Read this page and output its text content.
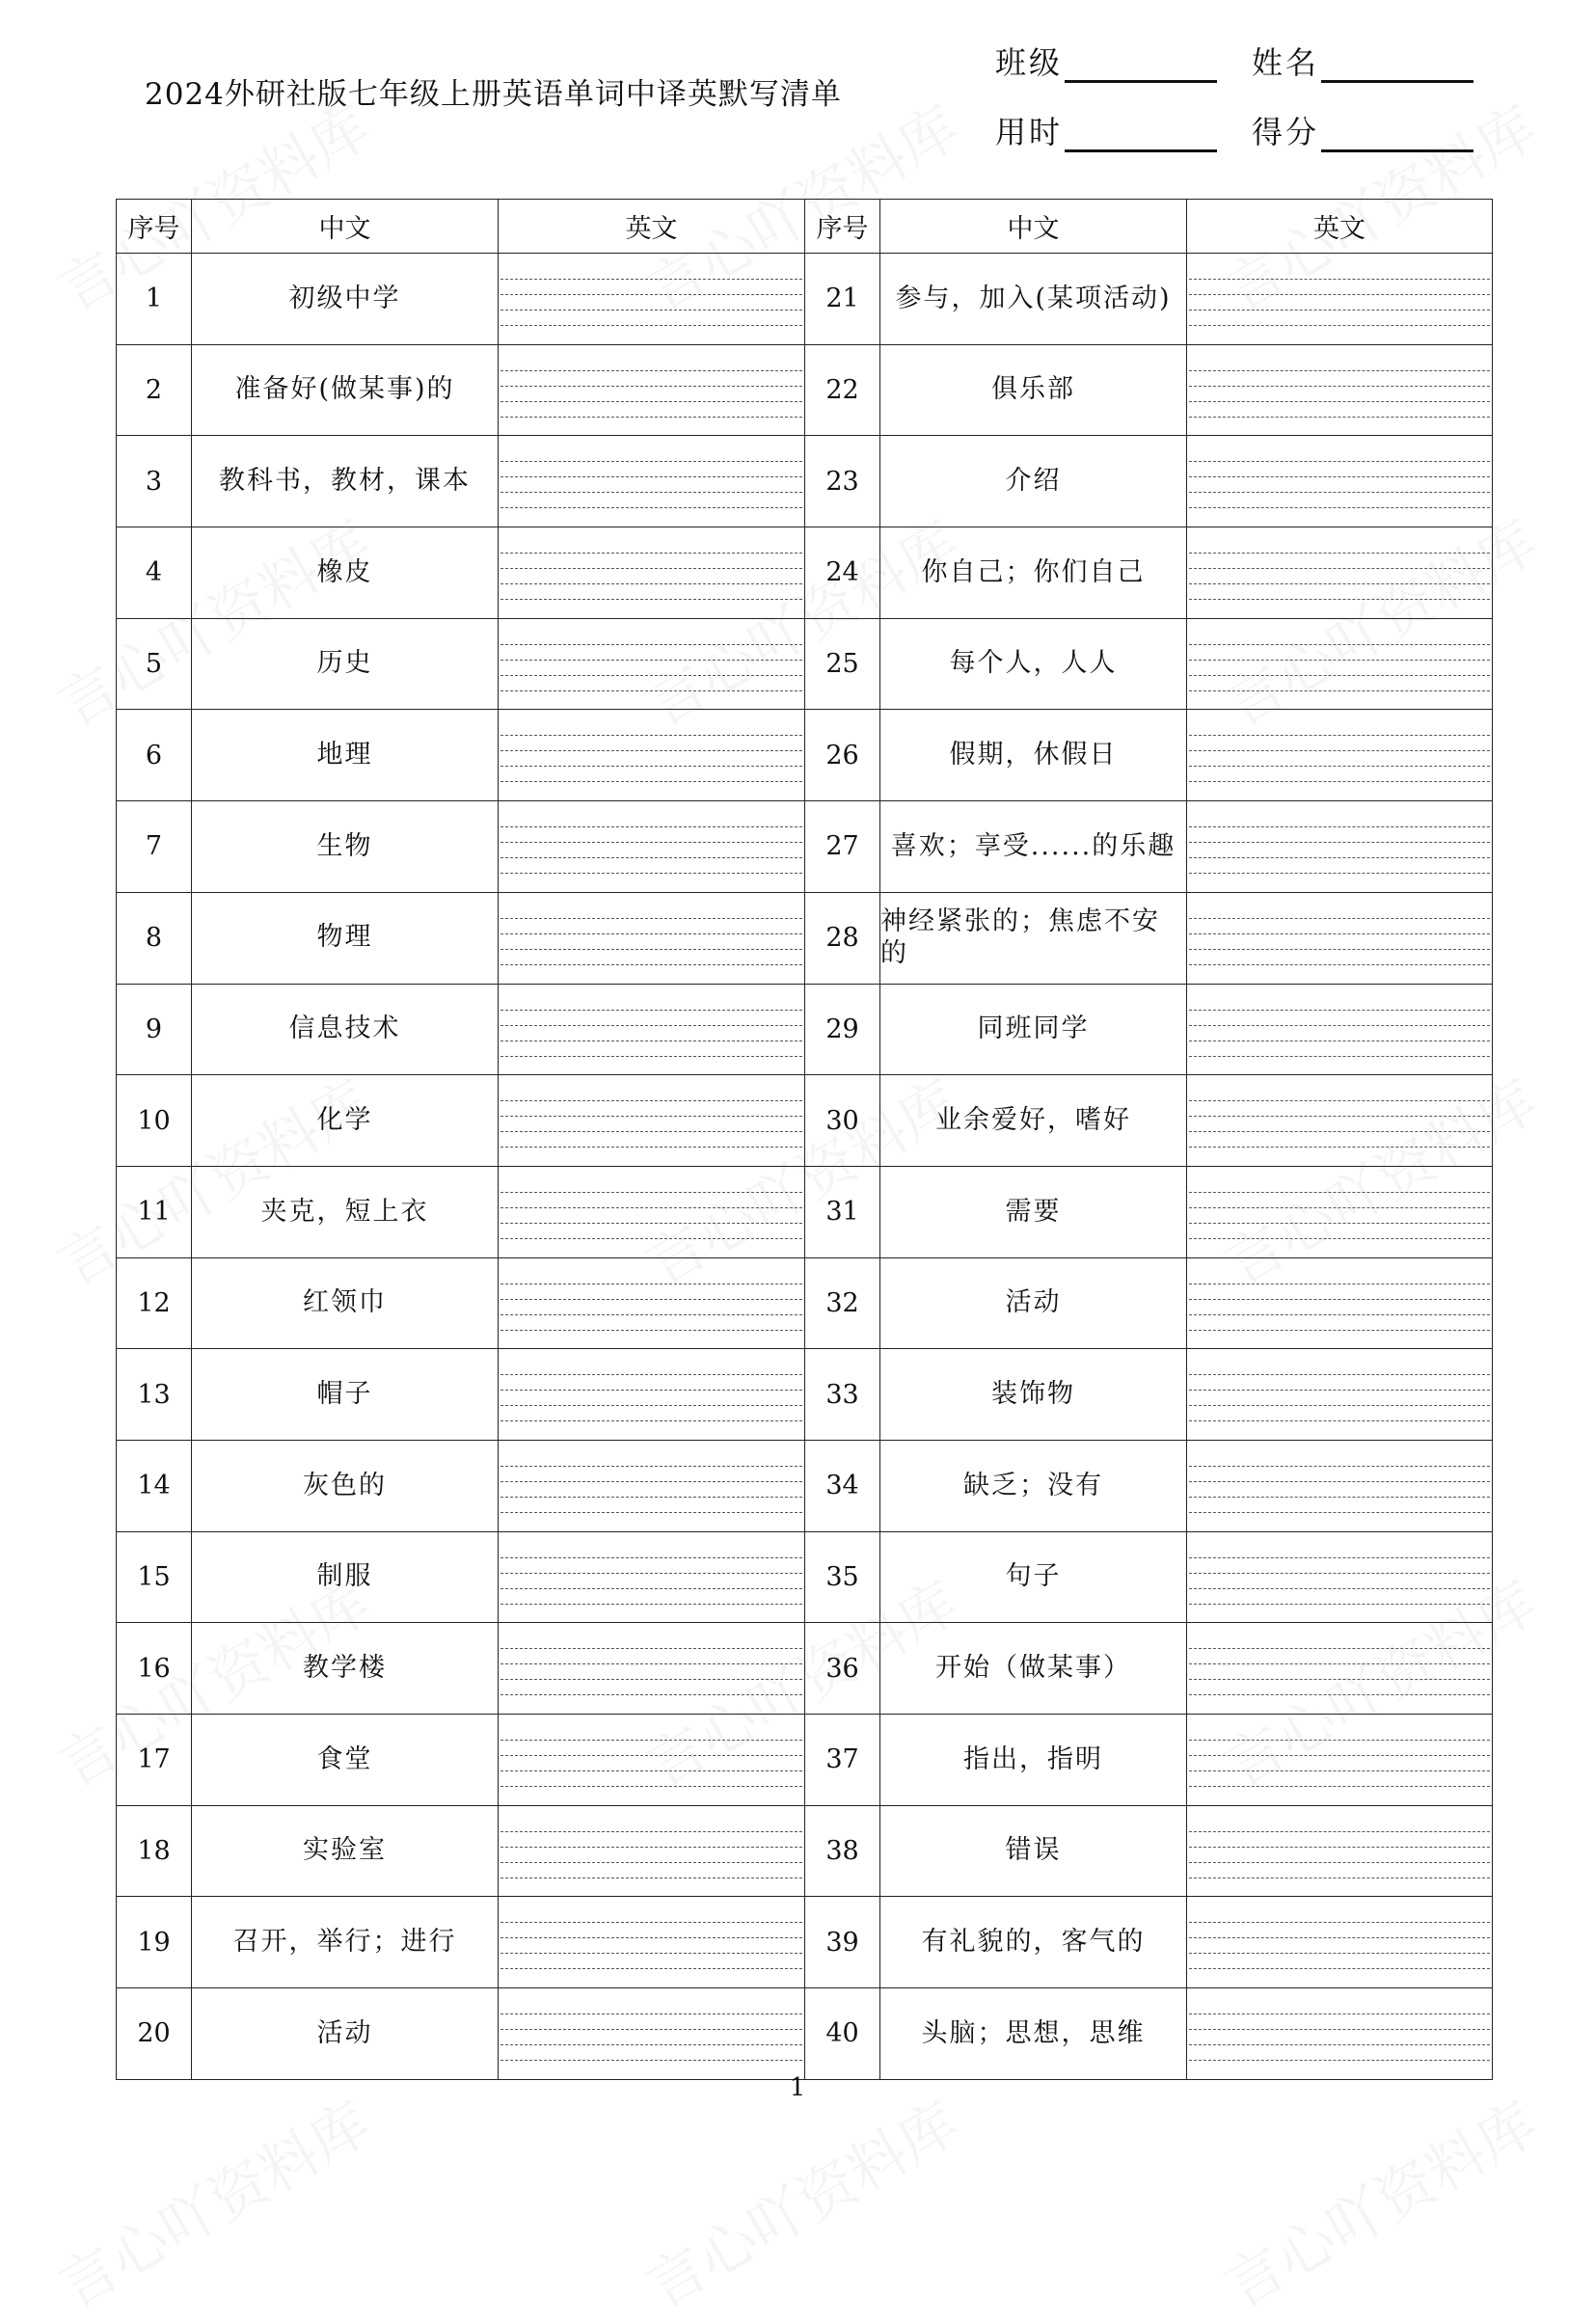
2024外研社版七年级上册英语单词中译英默写清单
班级	姓名
用时	得分
序号	中文	英文	序号	中文	英文
1	初级中学		21	参与，加入(某项活动)	

2	准备好(做某事)的		22	俱乐部	

3	教科书，教材，课本		23	介绍	

4	橡皮		24	你自己；你们自己	

5	历史		25	每个人，人人	

6	地理		26	假期，休假日	

7	生物		27	喜欢；享受......的乐趣	

8	物理		28	神经紧张的；焦虑不安的	

9	信息技术		29	同班同学	

10	化学		30	业余爱好，嗜好	

11	夹克，短上衣		31	需要	

12	红领巾		32	活动	

13	帽子		33	装饰物	

14	灰色的		34	缺乏；没有	

15	制服		35	句子	

16	教学楼		36	开始（做某事）	

17	食堂		37	指出，指明	

18	实验室		38	错误	

19	召开，举行；进行		39	有礼貌的，客气的	

20	活动		40	头脑；思想，思维	
1
